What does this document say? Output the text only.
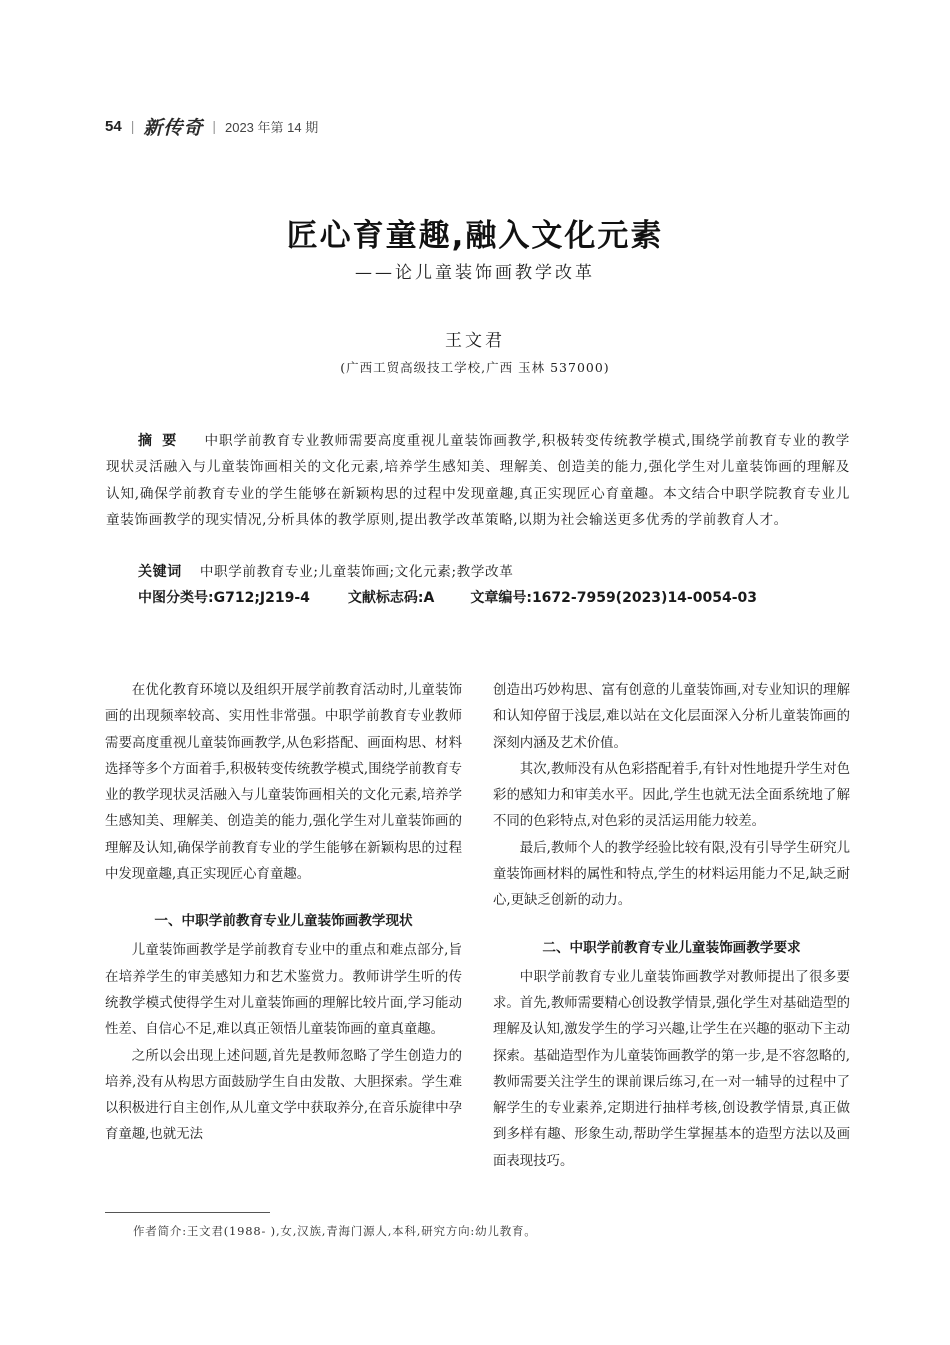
54 | 新传奇 | 2023 年第 14 期
匠心育童趣,融入文化元素
——论儿童装饰画教学改革
王文君
(广西工贸高级技工学校,广西 玉林 537000)
摘要 中职学前教育专业教师需要高度重视儿童装饰画教学,积极转变传统教学模式,围绕学前教育专业的教学现状灵活融入与儿童装饰画相关的文化元素,培养学生感知美、理解美、创造美的能力,强化学生对儿童装饰画的理解及认知,确保学前教育专业的学生能够在新颖构思的过程中发现童趣,真正实现匠心育童趣。本文结合中职学院教育专业儿童装饰画教学的现实情况,分析具体的教学原则,提出教学改革策略,以期为社会输送更多优秀的学前教育人才。
关键词 中职学前教育专业;儿童装饰画;文化元素;教学改革
中图分类号:G712;J219-4	文献标志码:A	文章编号:1672-7959(2023)14-0054-03

在优化教育环境以及组织开展学前教育活动时,儿童装饰画的出现频率较高、实用性非常强。中职学前教育专业教师需要高度重视儿童装饰画教学,从色彩搭配、画面构思、材料选择等多个方面着手,积极转变传统教学模式,围绕学前教育专业的教学现状灵活融入与儿童装饰画相关的文化元素,培养学生感知美、理解美、创造美的能力,强化学生对儿童装饰画的理解及认知,确保学前教育专业的学生能够在新颖构思的过程中发现童趣,真正实现匠心育童趣。

一、中职学前教育专业儿童装饰画教学现状

儿童装饰画教学是学前教育专业中的重点和难点部分,旨在培养学生的审美感知力和艺术鉴赏力。教师讲学生听的传统教学模式使得学生对儿童装饰画的理解比较片面,学习能动性差、自信心不足,难以真正领悟儿童装饰画的童真童趣。

之所以会出现上述问题,首先是教师忽略了学生创造力的培养,没有从构思方面鼓励学生自由发散、大胆探索。学生难以积极进行自主创作,从儿童文学中获取养分,在音乐旋律中孕育童趣,也就无法

创造出巧妙构思、富有创意的儿童装饰画,对专业知识的理解和认知停留于浅层,难以站在文化层面深入分析儿童装饰画的深刻内涵及艺术价值。

其次,教师没有从色彩搭配着手,有针对性地提升学生对色彩的感知力和审美水平。因此,学生也就无法全面系统地了解不同的色彩特点,对色彩的灵活运用能力较差。

最后,教师个人的教学经验比较有限,没有引导学生研究儿童装饰画材料的属性和特点,学生的材料运用能力不足,缺乏耐心,更缺乏创新的动力。

二、中职学前教育专业儿童装饰画教学要求

中职学前教育专业儿童装饰画教学对教师提出了很多要求。首先,教师需要精心创设教学情景,强化学生对基础造型的理解及认知,激发学生的学习兴趣,让学生在兴趣的驱动下主动探索。基础造型作为儿童装饰画教学的第一步,是不容忽略的,教师需要关注学生的课前课后练习,在一对一辅导的过程中了解学生的专业素养,定期进行抽样考核,创设教学情景,真正做到多样有趣、形象生动,帮助学生掌握基本的造型方法以及画面表现技巧。

作者简介:王文君(1988- ),女,汉族,青海门源人,本科,研究方向:幼儿教育。
